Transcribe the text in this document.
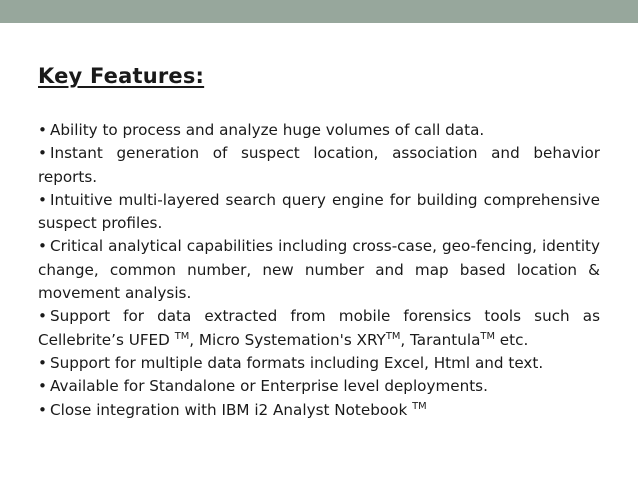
Key Features:
• Ability to process and analyze huge volumes of call data.
• Instant generation of suspect location, association and behavior reports.
• Intuitive multi-layered search query engine for building comprehensive suspect profiles.
• Critical analytical capabilities including cross-case, geo-fencing, identity change, common number, new number and map based location & movement analysis.
• Support for data extracted from mobile forensics tools such as Cellebrite’s UFED ™, Micro Systemation's XRY™, Tarantula™ etc.
• Support for multiple data formats including Excel, Html and text.
• Available for Standalone or Enterprise level deployments.
• Close integration with IBM i2 Analyst Notebook ™
